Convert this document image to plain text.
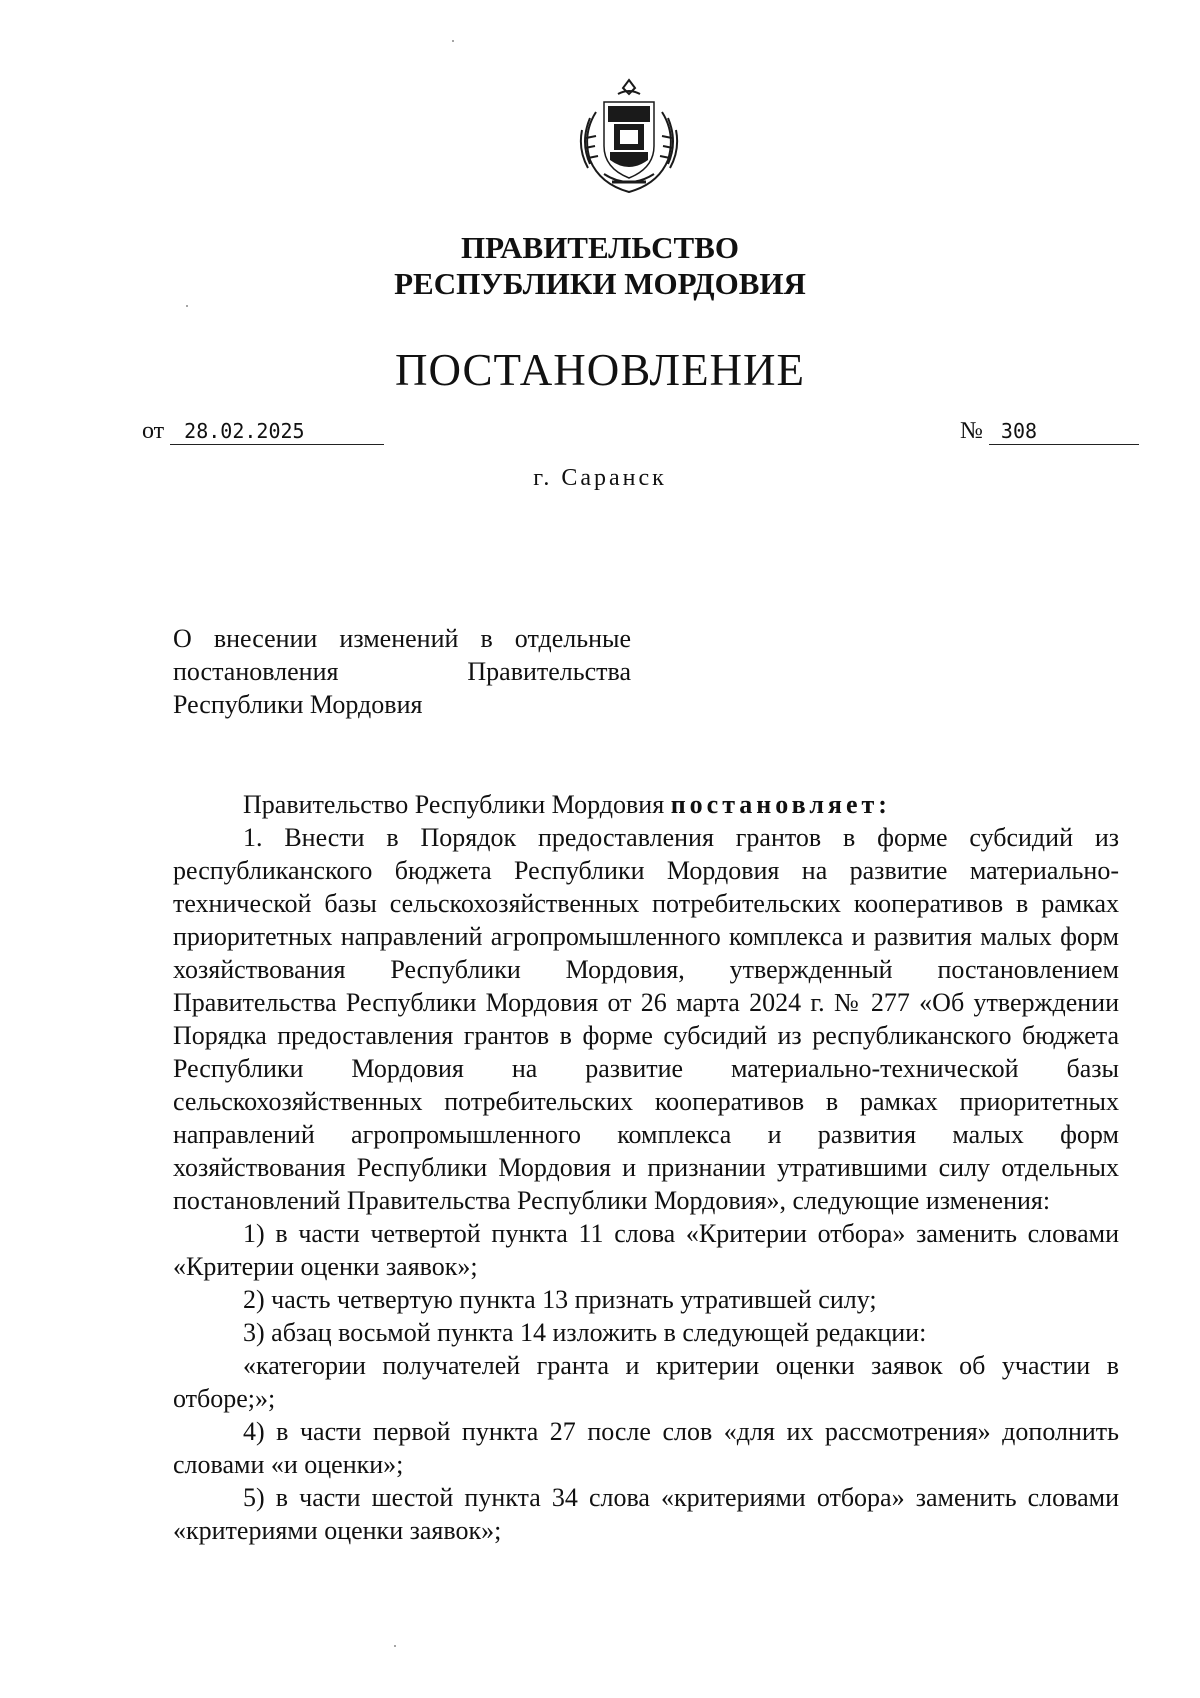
ПРАВИТЕЛЬСТВО
РЕСПУБЛИКИ МОРДОВИЯ
ПОСТАНОВЛЕНИЕ
от 28.02.2025	№ 308
г. Саранск
О внесении изменений в отдельные
постановления Правительства
Республики Мордовия

Правительство Республики Мордовия постановляет:

1. Внести в Порядок предоставления грантов в форме субсидий из республиканского бюджета Республики Мордовия на развитие материально-технической базы сельскохозяйственных потребительских кооперативов в рамках приоритетных направлений агропромышленного комплекса и развития малых форм хозяйствования Республики Мордовия, утвержденный постановлением Правительства Республики Мордовия от 26 марта 2024 г. № 277 «Об утверждении Порядка предоставления грантов в форме субсидий из республиканского бюджета Республики Мордовия на развитие материально-технической базы сельскохозяйственных потребительских кооперативов в рамках приоритетных направлений агропромышленного комплекса и развития малых форм хозяйствования Республики Мордовия и признании утратившими силу отдельных постановлений Правительства Республики Мордовия», следующие изменения:

1) в части четвертой пункта 11 слова «Критерии отбора» заменить словами «Критерии оценки заявок»;

2) часть четвертую пункта 13 признать утратившей силу;

3) абзац восьмой пункта 14 изложить в следующей редакции:

«категории получателей гранта и критерии оценки заявок об участии в отборе;»;

4) в части первой пункта 27 после слов «для их рассмотрения» дополнить словами «и оценки»;

5) в части шестой пункта 34 слова «критериями отбора» заменить словами «критериями оценки заявок»;
